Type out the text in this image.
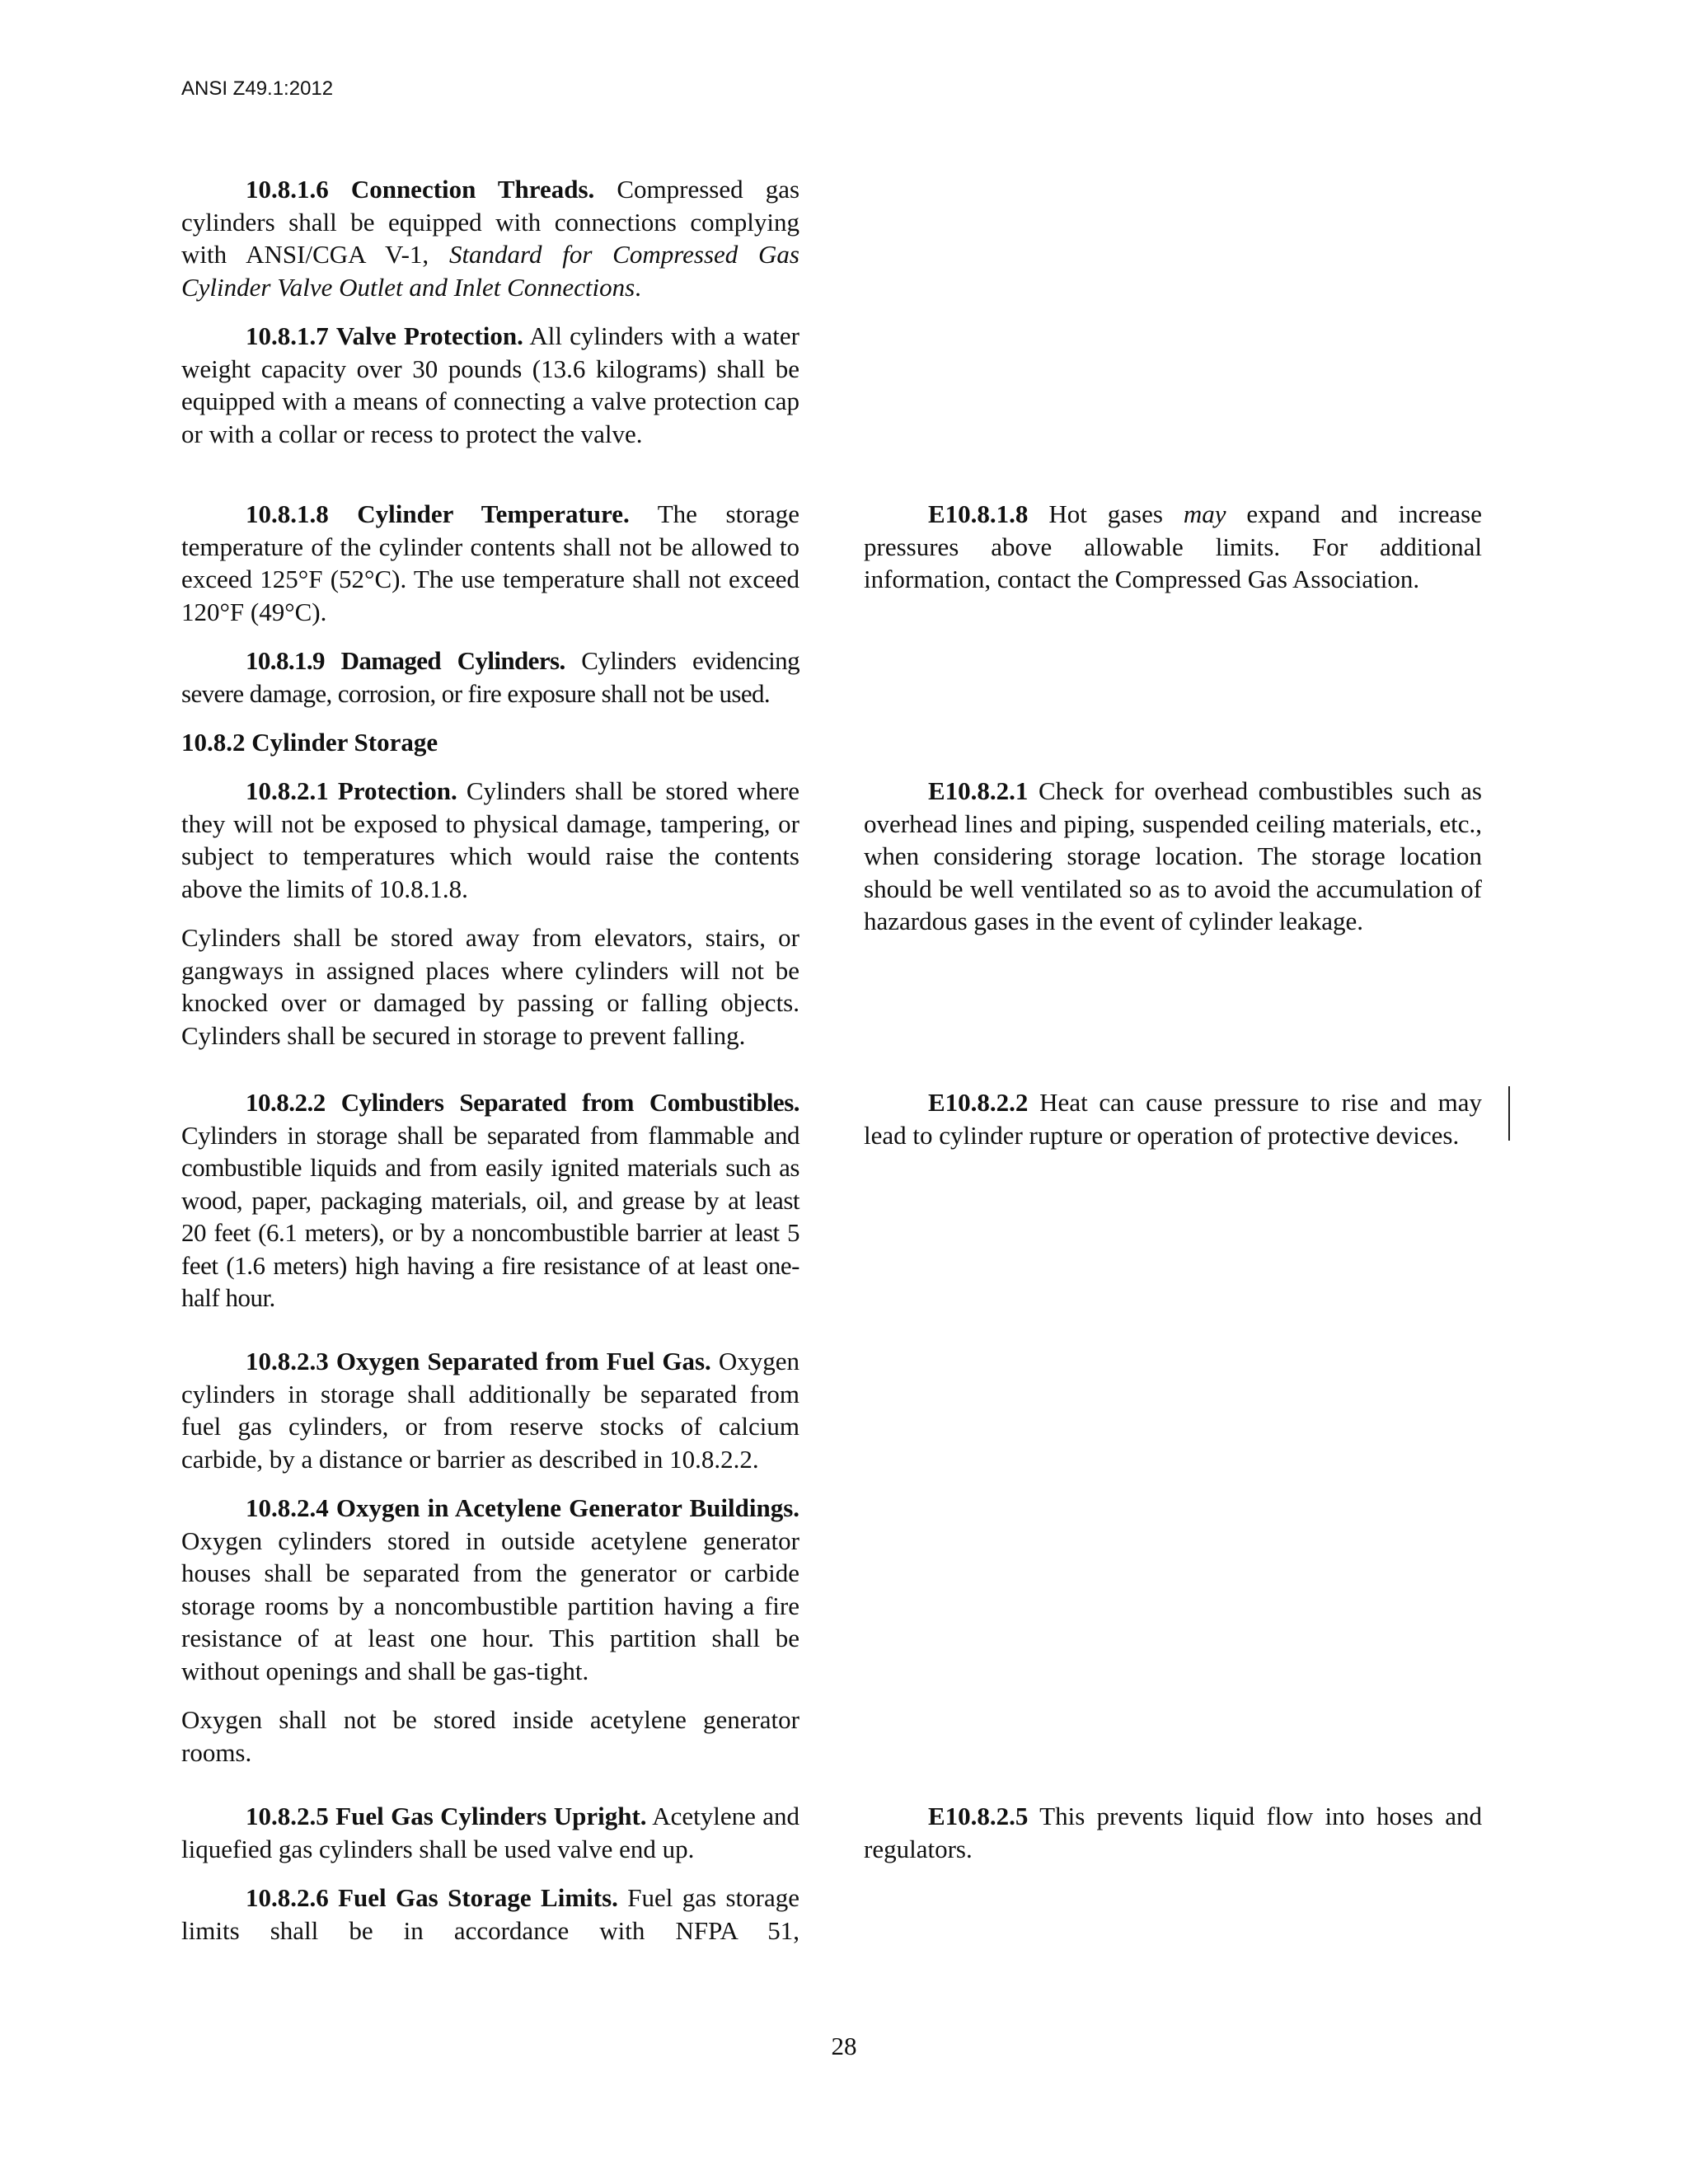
ANSI Z49.1:2012

10.8.1.6 Connection Threads. Compressed gas cylinders shall be equipped with connections complying with ANSI/CGA V-1, Standard for Compressed Gas Cylinder Valve Outlet and Inlet Connections.

10.8.1.7 Valve Protection. All cylinders with a water weight capacity over 30 pounds (13.6 kilograms) shall be equipped with a means of connecting a valve protection cap or with a collar or recess to protect the valve.

10.8.1.8 Cylinder Temperature. The storage temperature of the cylinder contents shall not be allowed to exceed 125°F (52°C). The use temperature shall not exceed 120°F (49°C).

10.8.1.9 Damaged Cylinders. Cylinders evidencing severe damage, corrosion, or fire exposure shall not be used.

10.8.2 Cylinder Storage

10.8.2.1 Protection. Cylinders shall be stored where they will not be exposed to physical damage, tampering, or subject to temperatures which would raise the contents above the limits of 10.8.1.8.

Cylinders shall be stored away from elevators, stairs, or gangways in assigned places where cylinders will not be knocked over or damaged by passing or falling objects. Cylinders shall be secured in storage to prevent falling.

10.8.2.2 Cylinders Separated from Combustibles. Cylinders in storage shall be separated from flammable and combustible liquids and from easily ignited materials such as wood, paper, packaging materials, oil, and grease by at least 20 feet (6.1 meters), or by a noncombustible barrier at least 5 feet (1.6 meters) high having a fire resistance of at least one-half hour.

10.8.2.3 Oxygen Separated from Fuel Gas. Oxygen cylinders in storage shall additionally be separated from fuel gas cylinders, or from reserve stocks of calcium carbide, by a distance or barrier as described in 10.8.2.2.

10.8.2.4 Oxygen in Acetylene Generator Buildings. Oxygen cylinders stored in outside acetylene generator houses shall be separated from the generator or carbide storage rooms by a noncombustible partition having a fire resistance of at least one hour. This partition shall be without openings and shall be gas-tight.

Oxygen shall not be stored inside acetylene generator rooms.

10.8.2.5 Fuel Gas Cylinders Upright. Acetylene and liquefied gas cylinders shall be used valve end up.

10.8.2.6 Fuel Gas Storage Limits. Fuel gas storage limits shall be in accordance with NFPA 51,

E10.8.1.8 Hot gases may expand and increase pressures above allowable limits. For additional information, contact the Compressed Gas Association.

E10.8.2.1 Check for overhead combustibles such as overhead lines and piping, suspended ceiling materials, etc., when considering storage location. The storage location should be well ventilated so as to avoid the accumulation of hazardous gases in the event of cylinder leakage.

E10.8.2.2 Heat can cause pressure to rise and may lead to cylinder rupture or operation of protective devices.

E10.8.2.5 This prevents liquid flow into hoses and regulators.

28
